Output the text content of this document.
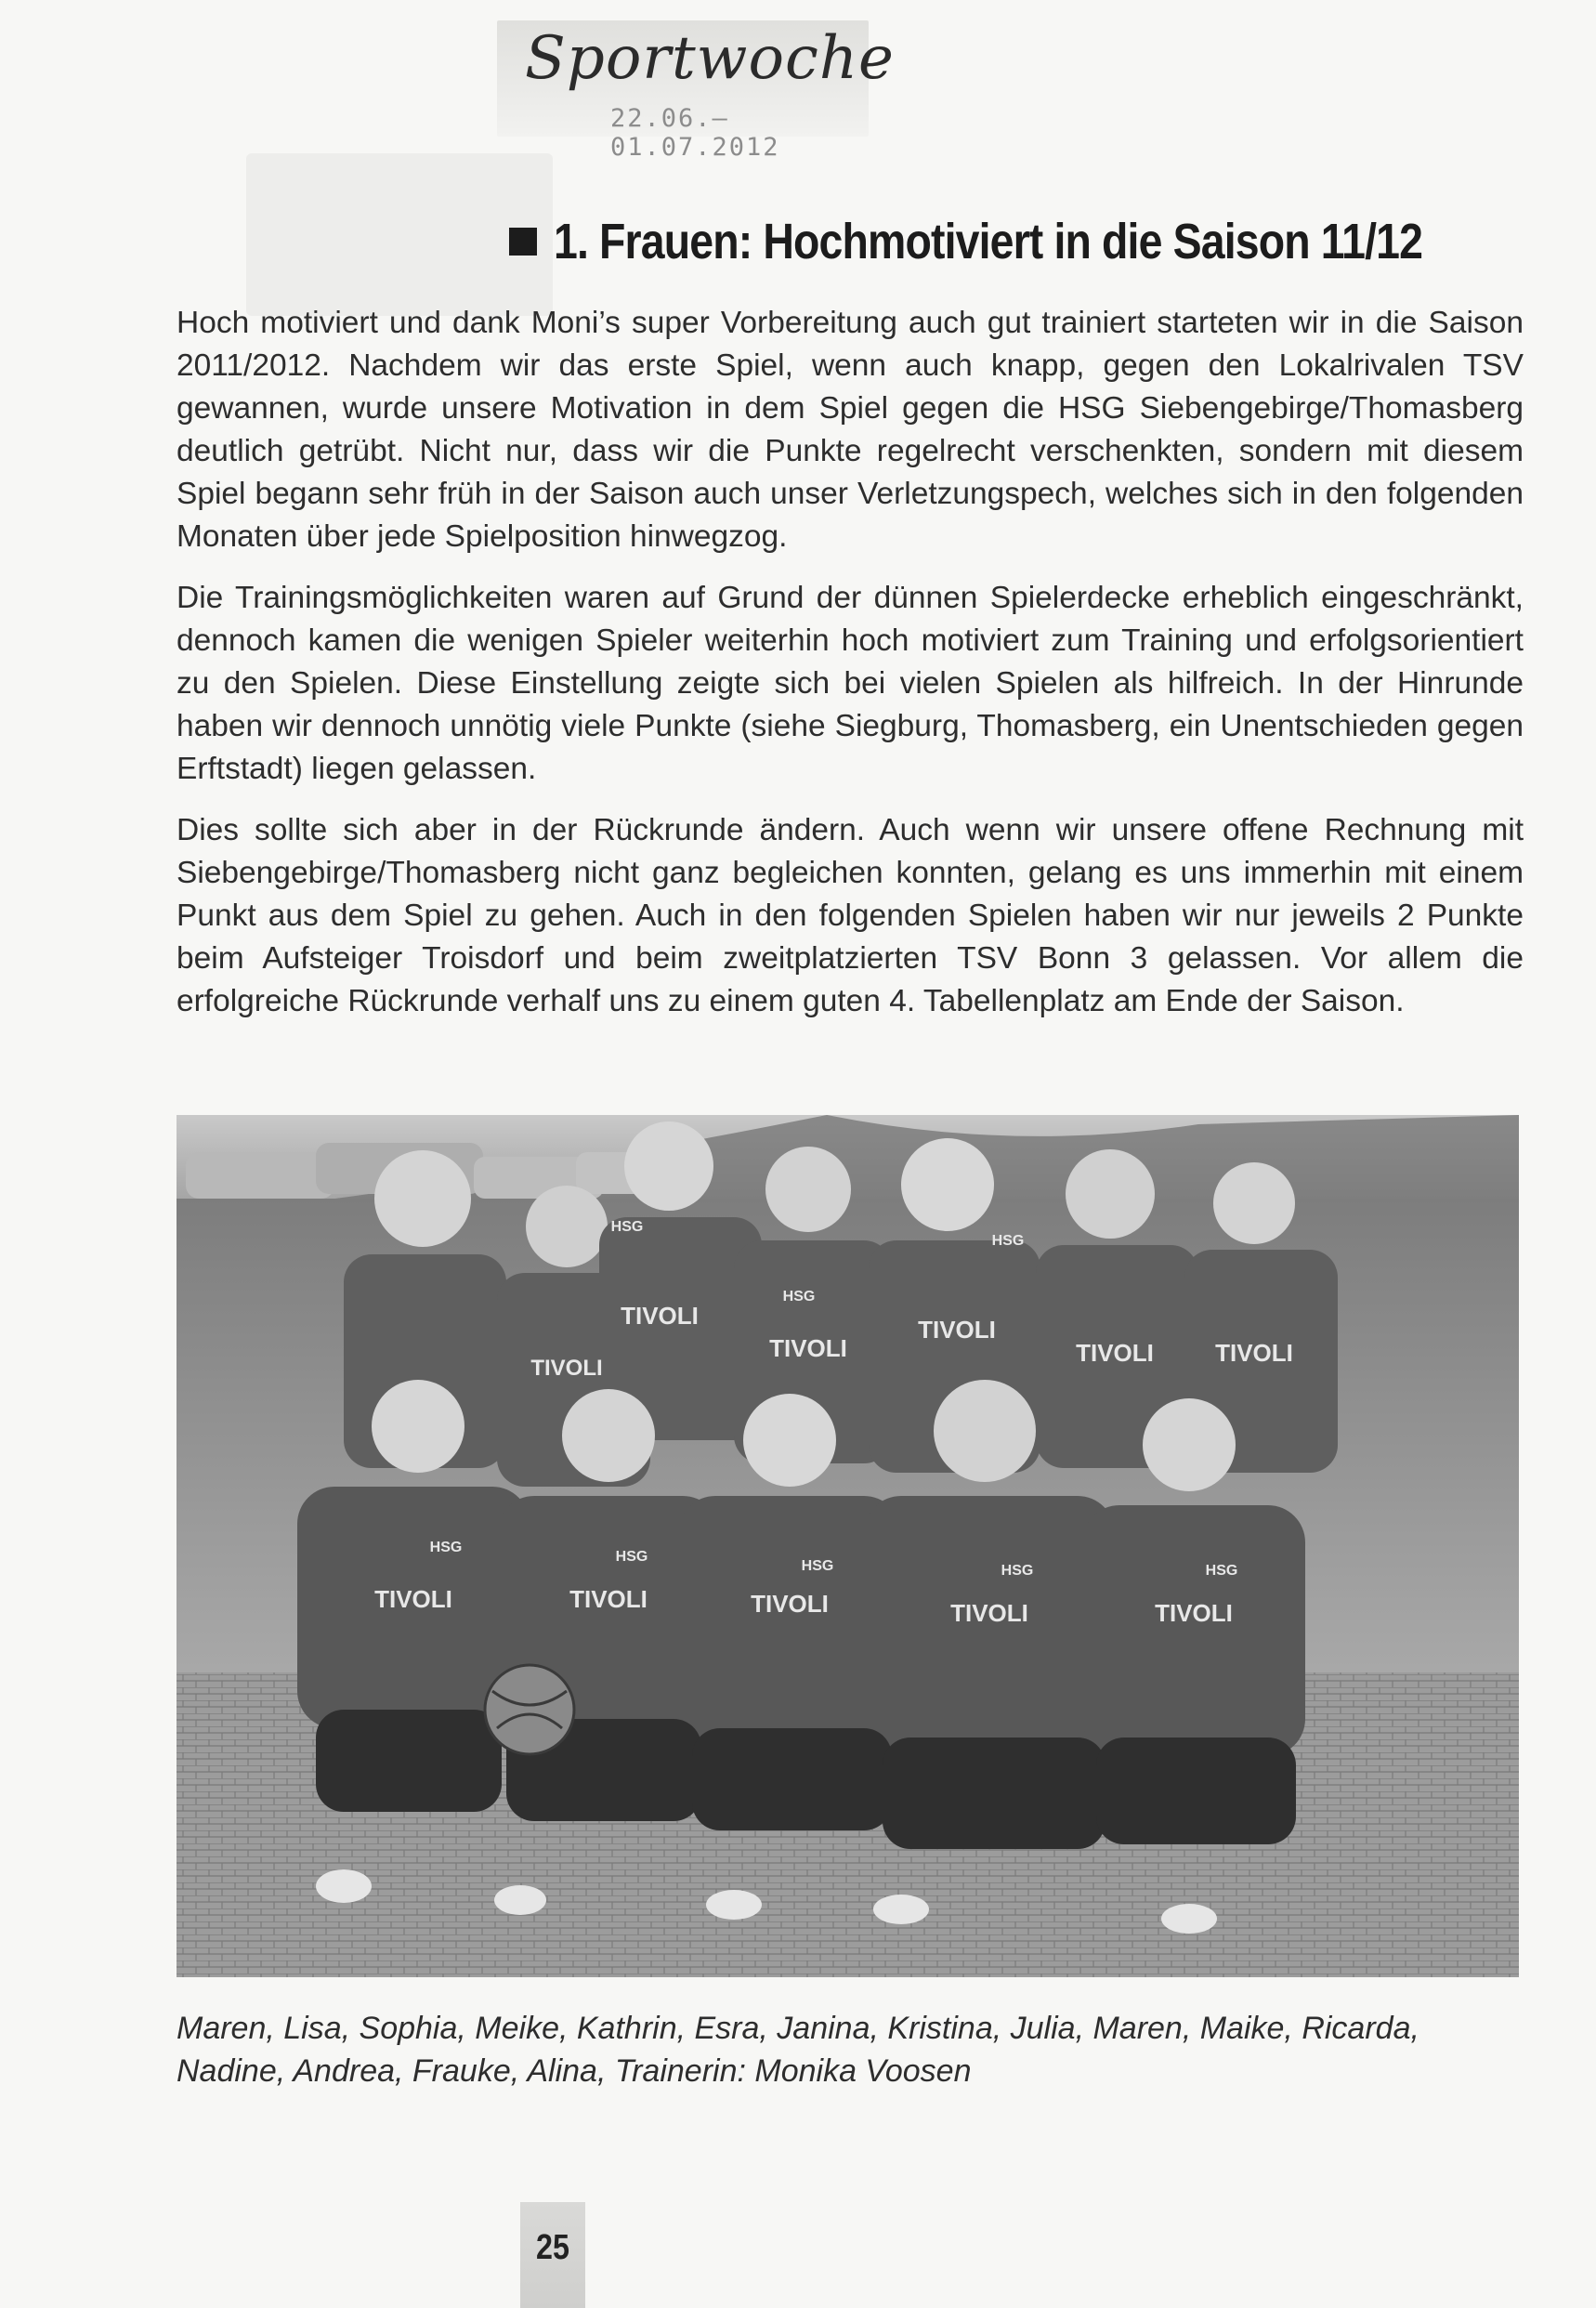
Sportwoche
22.06.–01.07.2012
1. Frauen: Hochmotiviert in die Saison 11/12

Hoch motiviert und dank Moni’s super Vorbereitung auch gut trainiert starteten wir in die Saison 2011/2012. Nachdem wir das erste Spiel, wenn auch knapp, gegen den Lokalrivalen TSV gewannen, wurde unsere Motivation in dem Spiel gegen die HSG Siebengebirge/Thomasberg deutlich getrübt. Nicht nur, dass wir die Punkte regelrecht verschenkten, sondern mit diesem Spiel begann sehr früh in der Saison auch unser Verletzungspech, welches sich in den folgenden Monaten über jede Spielposition hinwegzog.

Die Trainingsmöglichkeiten waren auf Grund der dünnen Spielerdecke erheblich eingeschränkt, dennoch kamen die wenigen Spieler weiterhin hoch motiviert zum Training und erfolgsorientiert zu den Spielen. Diese Einstellung zeigte sich bei vielen Spielen als hilfreich. In der Hinrunde haben wir dennoch unnötig viele Punkte (siehe Siegburg, Thomasberg, ein Unentschieden gegen Erftstadt) liegen gelassen.

Dies sollte sich aber in der Rückrunde ändern. Auch wenn wir unsere offene Rechnung mit Siebengebirge/Thomasberg nicht ganz begleichen konnten, gelang es uns immerhin mit einem Punkt aus dem Spiel zu gehen. Auch in den folgenden Spielen haben wir nur jeweils 2 Punkte beim Aufsteiger Troisdorf und beim zweitplatzierten TSV Bonn 3 gelassen. Vor allem die erfolgreiche Rückrunde verhalf uns zu einem guten 4. Tabellenplatz am Ende der Saison.

TIVOLI
TIVOLI
TIVOLI
TIVOLI	TIVOLI
TIVOLI
TIVOLI	TIVOLI	TIVOLI	TIVOLI	TIVOLI
HSG
HSG
HSG
HSG
HSG
HSG	HSG	HSG
Maren, Lisa, Sophia, Meike, Kathrin, Esra, Janina, Kristina, Julia, Maren, Maike, Ricarda, Nadine, Andrea, Frauke, Alina, Trainerin: Monika Voosen
25
